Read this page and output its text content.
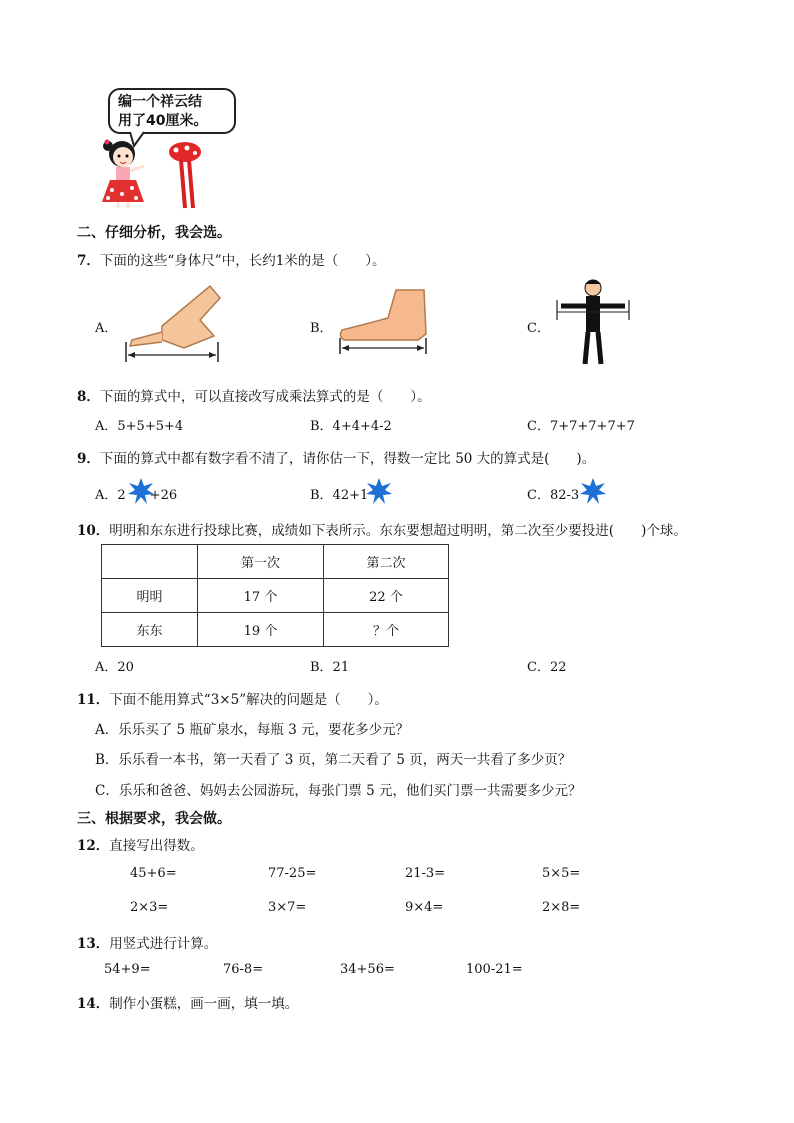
编一个祥云结
用了40厘米。
二、仔细分析，我会选。
7．下面的这些“身体尺”中，长约1米的是（　　）。
A．	B．	C．
8．下面的算式中，可以直接改写成乘法算式的是（　　）。
A．5+5+5+4	B．4+4+4-2	C．7+7+7+7+7
9．下面的算式中都有数字看不清了，请你估一下，得数一定比 50 大的算式是(　　)。
A．2 +26	B．42+1	C．82-3
10．明明和东东进行投球比赛，成绩如下表所示。东东要想超过明明，第二次至少要投进(　　)个球。
	第一次	第二次
明明	17 个	22 个
东东	19 个	？个
A．20	B．21	C．22
11．下面不能用算式“3×5”解决的问题是（　　）。
A．乐乐买了 5 瓶矿泉水，每瓶 3 元，要花多少元？
B．乐乐看一本书，第一天看了 3 页，第二天看了 5 页，两天一共看了多少页？
C．乐乐和爸爸、妈妈去公园游玩，每张门票 5 元，他们买门票一共需要多少元？
三、根据要求，我会做。
12．直接写出得数。
45+6=	77-25=	21-3=	5×5=
2×3=	3×7=	9×4=	2×8=
13．用竖式进行计算。
54+9=	76-8=	34+56=	100-21=
14．制作小蛋糕，画一画，填一填。
